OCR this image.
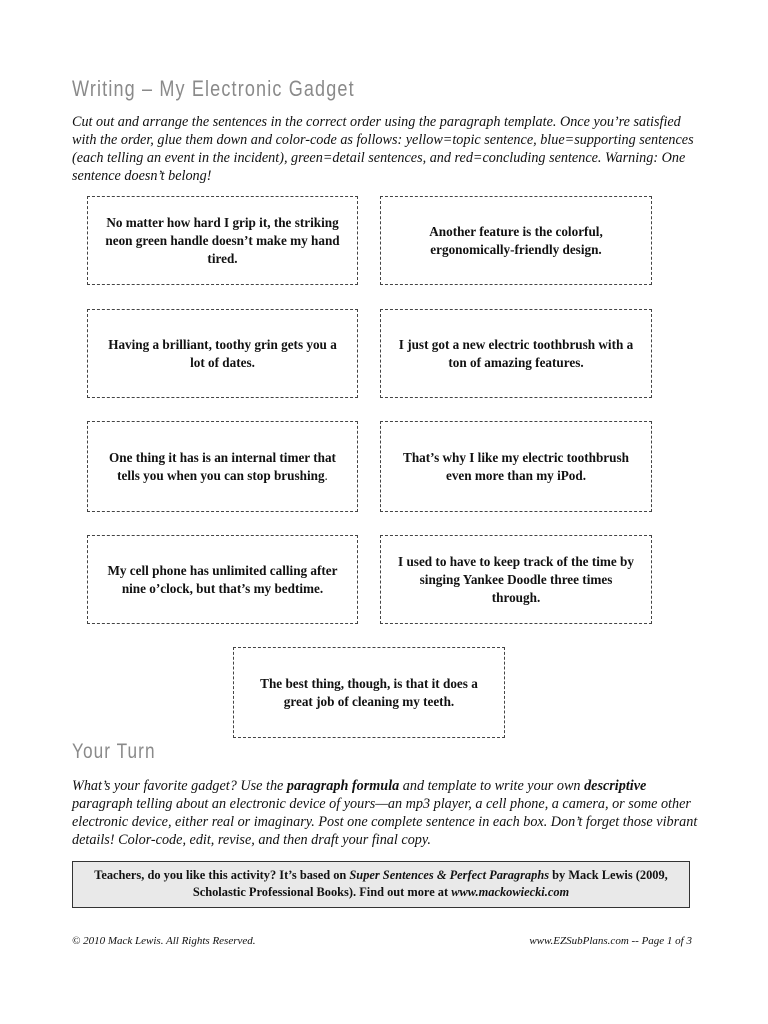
Writing – My Electronic Gadget
Cut out and arrange the sentences in the correct order using the paragraph template. Once you’re satisfied with the order, glue them down and color-code as follows: yellow=topic sentence, blue=supporting sentences (each telling an event in the incident), green=detail sentences, and red=concluding sentence. Warning: One sentence doesn’t belong!
No matter how hard I grip it, the striking neon green handle doesn’t make my hand tired.
Another feature is the colorful, ergonomically-friendly design.
Having a brilliant, toothy grin gets you a lot of dates.
I just got a new electric toothbrush with a ton of amazing features.
One thing it has is an internal timer that tells you when you can stop brushing.
That’s why I like my electric toothbrush even more than my iPod.
My cell phone has unlimited calling after nine o’clock, but that’s my bedtime.
I used to have to keep track of the time by singing Yankee Doodle three times through.
The best thing, though, is that it does a great job of cleaning my teeth.
Your Turn
What’s your favorite gadget? Use the paragraph formula and template to write your own descriptive paragraph telling about an electronic device of yours—an mp3 player, a cell phone, a camera, or some other electronic device, either real or imaginary. Post one complete sentence in each box. Don’t forget those vibrant details! Color-code, edit, revise, and then draft your final copy.
Teachers, do you like this activity? It’s based on Super Sentences & Perfect Paragraphs by Mack Lewis (2009, Scholastic Professional Books). Find out more at www.mackowiecki.com
© 2010 Mack Lewis. All Rights Reserved.	www.EZSubPlans.com -- Page 1 of 3
